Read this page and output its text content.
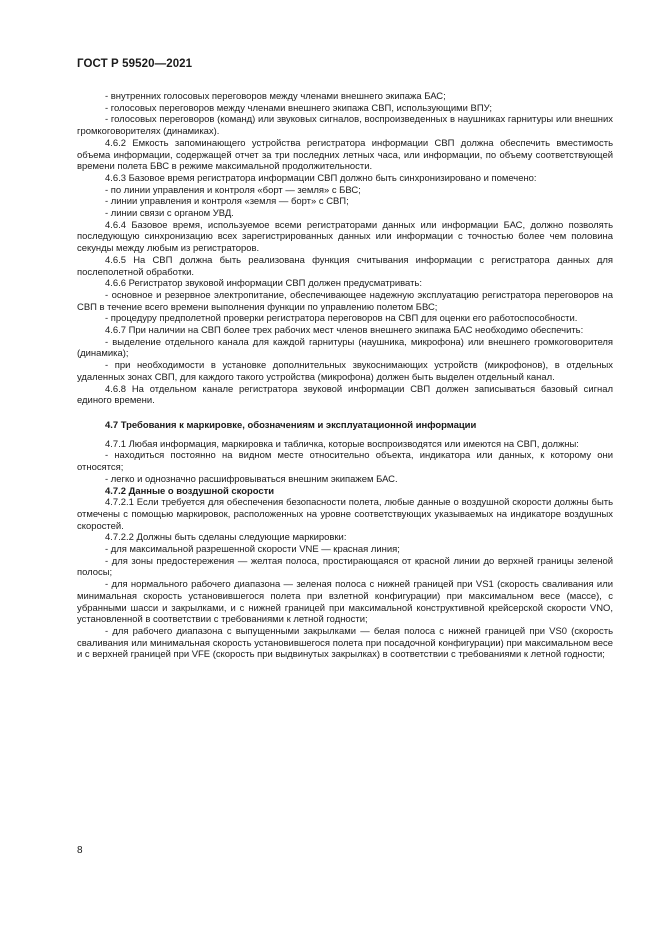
ГОСТ Р 59520—2021

- внутренних голосовых переговоров между членами внешнего экипажа БАС;

- голосовых переговоров между членами внешнего экипажа СВП, использующими ВПУ;

- голосовых переговоров (команд) или звуковых сигналов, воспроизведенных в наушниках гарнитуры или внешних громкоговорителях (динамиках).

4.6.2 Емкость запоминающего устройства регистратора информации СВП должна обеспечить вместимость объема информации, содержащей отчет за три последних летных часа, или информации, по объему соответствующей времени полета БВС в режиме максимальной продолжительности.

4.6.3 Базовое время регистратора информации СВП должно быть синхронизировано и помечено:

- по линии управления и контроля «борт — земля» с БВС;

- линии управления и контроля «земля — борт» с СВП;

- линии связи с органом УВД.

4.6.4 Базовое время, используемое всеми регистраторами данных или информации БАС, должно позволять последующую синхронизацию всех зарегистрированных данных или информации с точностью более чем половина секунды между любым из регистраторов.

4.6.5 На СВП должна быть реализована функция считывания информации с регистратора данных для послеполетной обработки.

4.6.6 Регистратор звуковой информации СВП должен предусматривать:

- основное и резервное электропитание, обеспечивающее надежную эксплуатацию регистратора переговоров на СВП в течение всего времени выполнения функции по управлению полетом БВС;

- процедуру предполетной проверки регистратора переговоров на СВП для оценки его работоспособности.

4.6.7 При наличии на СВП более трех рабочих мест членов внешнего экипажа БАС необходимо обеспечить:

- выделение отдельного канала для каждой гарнитуры (наушника, микрофона) или внешнего громкоговорителя (динамика);

- при необходимости в установке дополнительных звукоснимающих устройств (микрофонов), в отдельных удаленных зонах СВП, для каждого такого устройства (микрофона) должен быть выделен отдельный канал.

4.6.8 На отдельном канале регистратора звуковой информации СВП должен записываться базовый сигнал единого времени.

4.7 Требования к маркировке, обозначениям и эксплуатационной информации

4.7.1 Любая информация, маркировка и табличка, которые воспроизводятся или имеются на СВП, должны:

- находиться постоянно на видном месте относительно объекта, индикатора или данных, к которому они относятся;

- легко и однозначно расшифровываться внешним экипажем БАС.

4.7.2 Данные о воздушной скорости

4.7.2.1 Если требуется для обеспечения безопасности полета, любые данные о воздушной скорости должны быть отмечены с помощью маркировок, расположенных на уровне соответствующих указываемых на индикаторе воздушных скоростей.

4.7.2.2 Должны быть сделаны следующие маркировки:

- для максимальной разрешенной скорости VNE — красная линия;

- для зоны предостережения — желтая полоса, простирающаяся от красной линии до верхней границы зеленой полосы;

- для нормального рабочего диапазона — зеленая полоса с нижней границей при VS1 (скорость сваливания или минимальная скорость установившегося полета при взлетной конфигурации) при максимальном весе (массе), с убранными шасси и закрылками, и с нижней границей при максимальной конструктивной крейсерской скорости VNO, установленной в соответствии с требованиями к летной годности;

- для рабочего диапазона с выпущенными закрылками — белая полоса с нижней границей при VS0 (скорость сваливания или минимальная скорость установившегося полета при посадочной конфигурации) при максимальном весе и с верхней границей при VFE (скорость при выдвинутых закрылках) в соответствии с требованиями к летной годности;

8
